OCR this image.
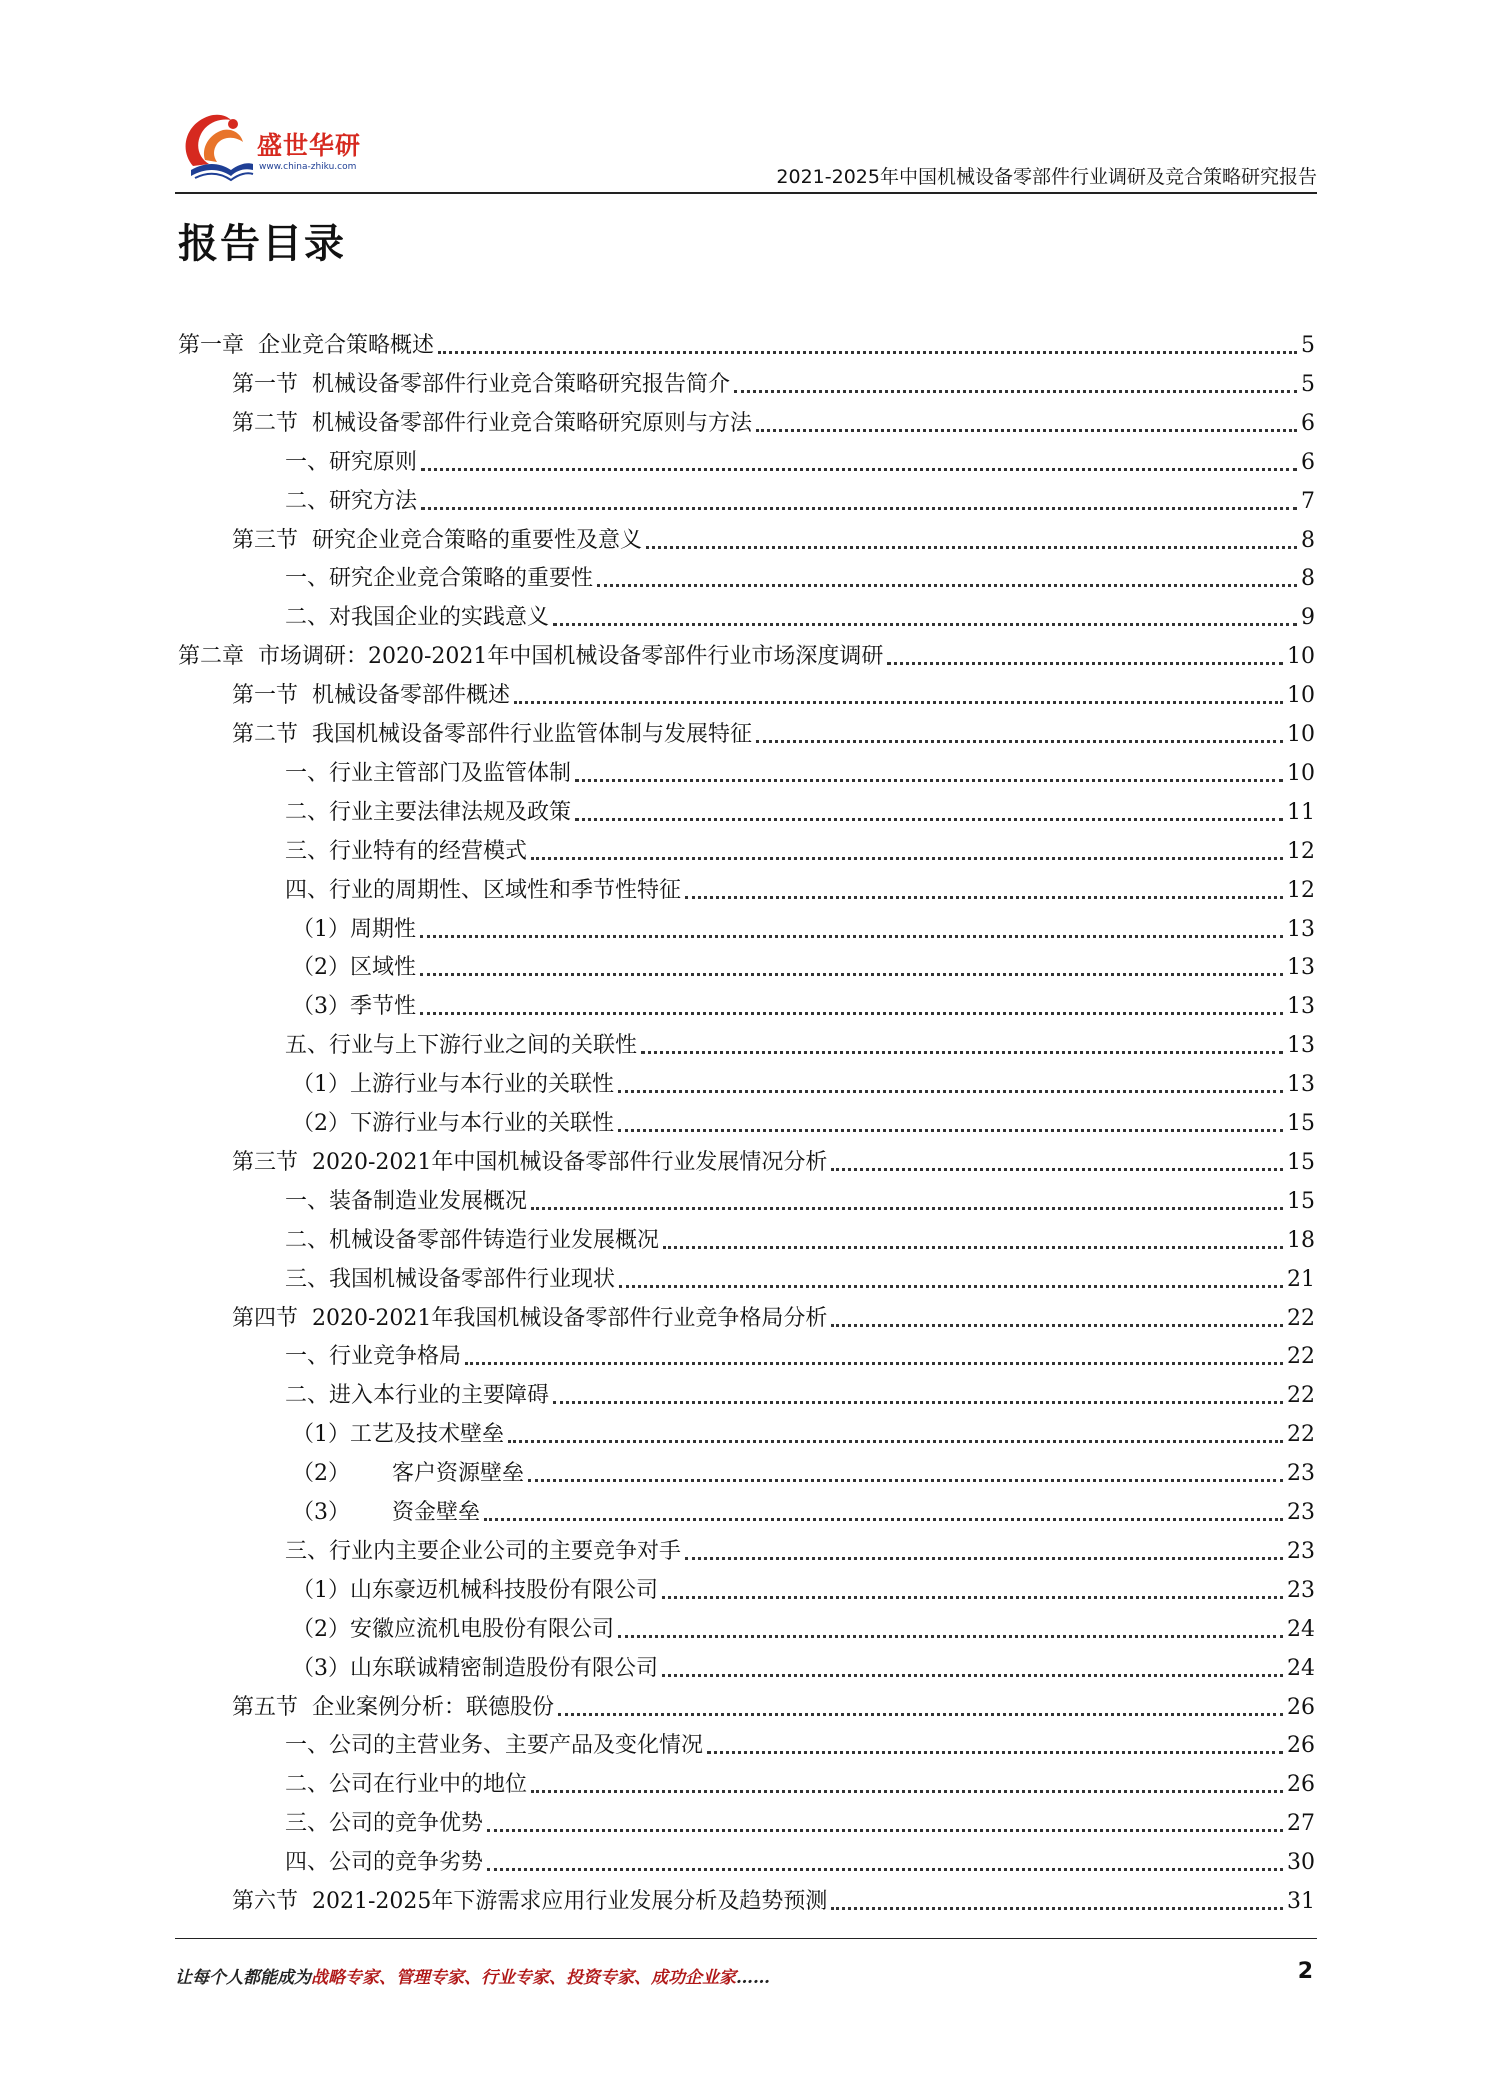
盛世华研
www.china-zhiku.com	2021-2025年中国机械设备零部件行业调研及竞合策略研究报告
报告目录
第一章  企业竞合策略概述	5
第一节  机械设备零部件行业竞合策略研究报告简介	5
第二节  机械设备零部件行业竞合策略研究原则与方法	6
一、研究原则	6
二、研究方法	7
第三节  研究企业竞合策略的重要性及意义	8
一、研究企业竞合策略的重要性	8
二、对我国企业的实践意义	9
第二章  市场调研：2020-2021年中国机械设备零部件行业市场深度调研	10
第一节  机械设备零部件概述	10
第二节  我国机械设备零部件行业监管体制与发展特征	10
一、行业主管部门及监管体制	10
二、行业主要法律法规及政策	11
三、行业特有的经营模式	12
四、行业的周期性、区域性和季节性特征	12
（1）周期性	13
（2）区域性	13
（3）季节性	13
五、行业与上下游行业之间的关联性	13
（1）上游行业与本行业的关联性	13
（2）下游行业与本行业的关联性	15
第三节  2020-2021年中国机械设备零部件行业发展情况分析	15
一、装备制造业发展概况	15
二、机械设备零部件铸造行业发展概况	18
三、我国机械设备零部件行业现状	21
第四节  2020-2021年我国机械设备零部件行业竞争格局分析	22
一、行业竞争格局	22
二、进入本行业的主要障碍	22
（1）工艺及技术壁垒	22
（2）      客户资源壁垒	23
（3）      资金壁垒	23
三、行业内主要企业公司的主要竞争对手	23
（1）山东豪迈机械科技股份有限公司	23
（2）安徽应流机电股份有限公司	24
（3）山东联诚精密制造股份有限公司	24
第五节  企业案例分析：联德股份	26
一、公司的主营业务、主要产品及变化情况	26
二、公司在行业中的地位	26
三、公司的竞争优势	27
四、公司的竞争劣势	30
第六节  2021-2025年下游需求应用行业发展分析及趋势预测	31
让每个人都能成为战略专家、管理专家、行业专家、投资专家、成功企业家……	2
